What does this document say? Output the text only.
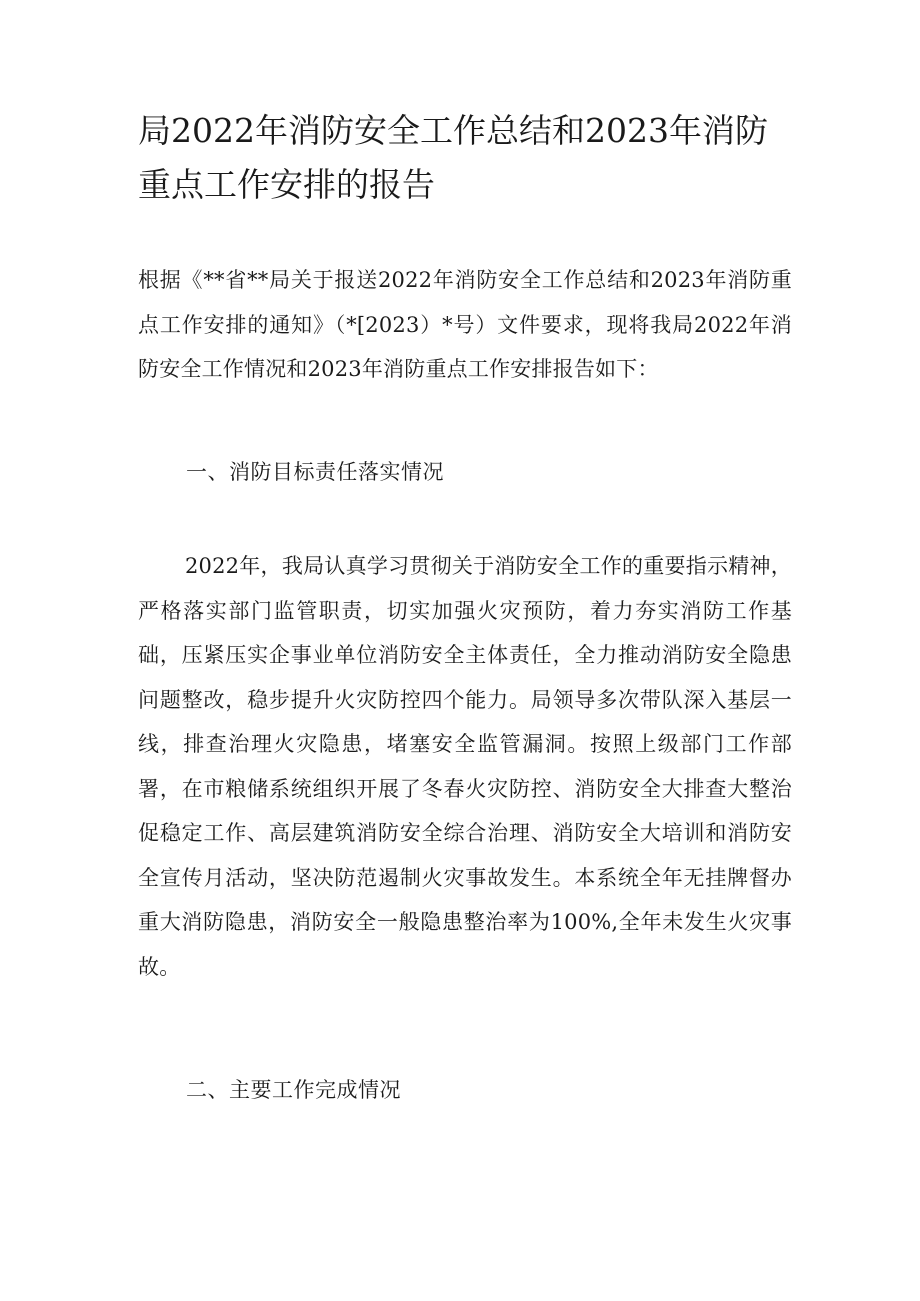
局2022年消防安全工作总结和2023年消防重点工作安排的报告

根据《**省**局关于报送2022年消防安全工作总结和2023年消防重点工作安排的通知》（*[2023）*号）文件要求，现将我局2022年消防安全工作情况和2023年消防重点工作安排报告如下：

一、消防目标责任落实情况

2022年，我局认真学习贯彻关于消防安全工作的重要指示精神，严格落实部门监管职责，切实加强火灾预防，着力夯实消防工作基础，压紧压实企事业单位消防安全主体责任，全力推动消防安全隐患问题整改，稳步提升火灾防控四个能力。局领导多次带队深入基层一线，排查治理火灾隐患，堵塞安全监管漏洞。按照上级部门工作部署，在市粮储系统组织开展了冬春火灾防控、消防安全大排查大整治促稳定工作、高层建筑消防安全综合治理、消防安全大培训和消防安全宣传月活动，坚决防范遏制火灾事故发生。本系统全年无挂牌督办重大消防隐患，消防安全一般隐患整治率为100%,全年未发生火灾事故。

二、主要工作完成情况
